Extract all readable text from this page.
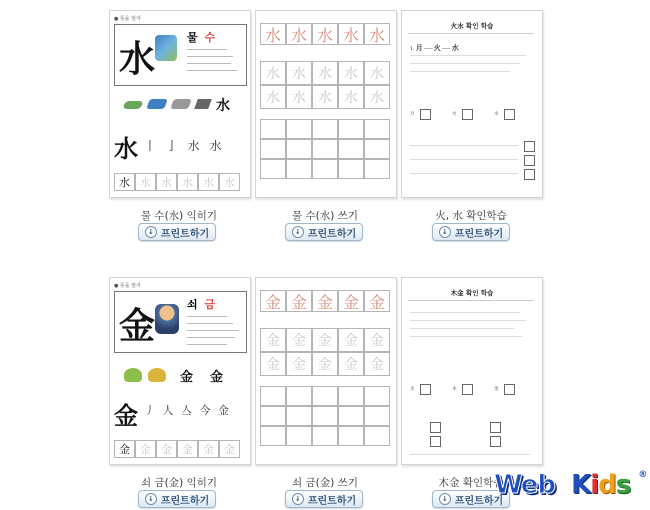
● 뜻을 알자
水
물 수
水
水 丨 亅 水 水
水 水 水 水 水 水
水 水 水 水 水
水 水 水 水 水
水 水 水 水 水
火水 확인 학습
1. 月 ─── 火 ─── 水
月	火	水
물 수(水) 익히기
↓ 프린트하기
물 수(水) 쓰기
↓ 프린트하기
火, 水 확인학습
↓ 프린트하기
● 뜻을 알자
金
쇠 금
金 金
金 丿 人 亼 今 金
金 金 金 金 金 金
金 金 金 金 金
金 金 金 金 金
金 金 金 金 金
木金 확인 학습
水	木	金
쇠 금(金) 익히기
↓ 프린트하기
쇠 금(金) 쓰기
↓ 프린트하기
木金 확인학습
↓ 프린트하기
Web Kids ®
